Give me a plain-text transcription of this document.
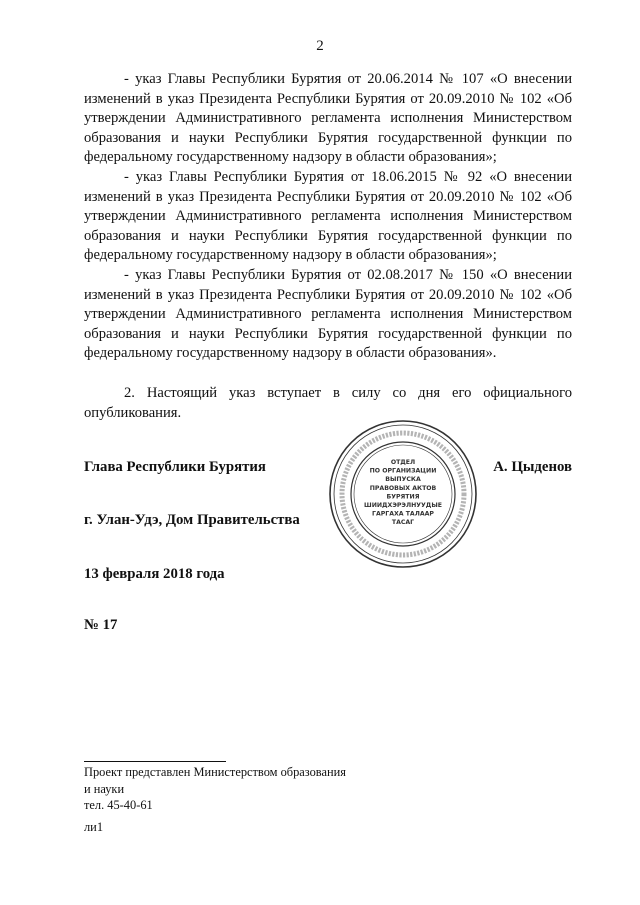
2

- указ Главы Республики Бурятия от 20.06.2014 № 107 «О внесении изменений в указ Президента Республики Бурятия от 20.09.2010 № 102 «Об утверждении Административного регламента исполнения Министерством образования и науки Республики Бурятия государственной функции по федеральному государственному надзору в области образования»;

- указ Главы Республики Бурятия от 18.06.2015 № 92 «О внесении изменений в указ Президента Республики Бурятия от 20.09.2010 № 102 «Об утверждении Административного регламента исполнения Министерством образования и науки Республики Бурятия государственной функции по федеральному государственному надзору в области образования»;

- указ Главы Республики Бурятия от 02.08.2017 № 150 «О внесении изменений в указ Президента Республики Бурятия от 20.09.2010 № 102 «Об утверждении Административного регламента исполнения Министерством образования и науки Республики Бурятия государственной функции по федеральному государственному надзору в области образования».

2. Настоящий указ вступает в силу со дня его официального опубликования.

Глава Республики Бурятия	А. Цыденов
ОТДЕЛ
ПО ОРГАНИЗАЦИИ
ВЫПУСКА
ПРАВОВЫХ АКТОВ
БУРЯТИЯ
ШИИДХЭРЭЛНУУДЫЕ
ГАРГАХА ТАЛААР
ТАСАГ
г. Улан-Удэ, Дом Правительства
13 февраля 2018 года
№ 17
Проект представлен Министерством образования
и науки
тел. 45-40-61
ли1
